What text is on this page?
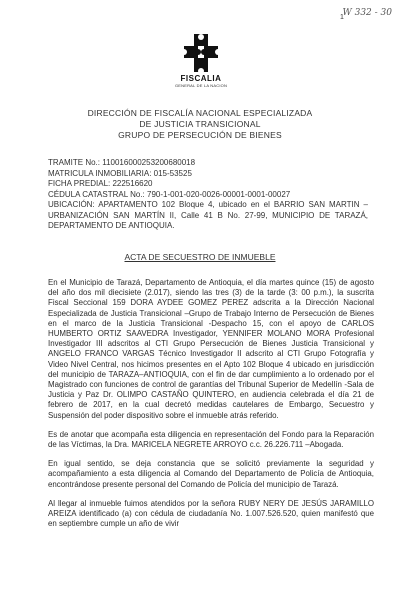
W 332 - 30
1
FISCALIA
GENERAL DE LA NACION
DIRECCIÓN DE FISCALÍA NACIONAL ESPECIALIZADA
DE JUSTICIA TRANSICIONAL
GRUPO DE PERSECUCIÓN DE BIENES
TRAMITE No.: 110016000253200680018
MATRICULA INMOBILIARIA: 015-53525
FICHA PREDIAL: 222516620
CÉDULA CATASTRAL No.: 790-1-001-020-0026-00001-0001-00027
UBICACIÓN: APARTAMENTO 102 Bloque 4, ubicado en el BARRIO SAN MARTIN –URBANIZACIÓN SAN MARTÍN II, Calle 41 B No. 27-99, MUNICIPIO DE TARAZÁ, DEPARTAMENTO DE ANTIOQUIA.
ACTA DE SECUESTRO DE INMUEBLE

En el Municipio de Tarazá, Departamento de Antioquia, el día martes quince (15) de agosto del año dos mil diecisiete (2.017), siendo las tres (3) de la tarde (3: 00 p.m.), la suscrita Fiscal Seccional 159 DORA AYDEE GOMEZ PEREZ adscrita a la Dirección Nacional Especializada de Justicia Transicional –Grupo de Trabajo Interno de Persecución de Bienes en el marco de la Justicia Transicional -Despacho 15, con el apoyo de CARLOS HUMBERTO ORTIZ SAAVEDRA Investigador, YENNIFER MOLANO MORA Profesional Investigador III adscritos al CTI Grupo Persecución de Bienes Justicia Transicional y ANGELO FRANCO VARGAS Técnico Investigador II adscrito al CTI Grupo Fotografía y Video Nivel Central, nos hicimos presentes en el Apto 102 Bloque 4 ubicado en jurisdicción del municipio de TARAZA–ANTIOQUIA, con el fin de dar cumplimiento a lo ordenado por el Magistrado con funciones de control de garantías del Tribunal Superior de Medellín -Sala de Justicia y Paz Dr. OLIMPO CASTAÑO QUINTERO, en audiencia celebrada el día 21 de febrero de 2017, en la cual decretó medidas cautelares de Embargo, Secuestro y Suspensión del poder dispositivo sobre el inmueble atrás referido.

Es de anotar que acompaña esta diligencia en representación del Fondo para la Reparación de las Víctimas, la Dra. MARICELA NEGRETE ARROYO c.c. 26.226.711 –Abogada.

En igual sentido, se deja constancia que se solicitó previamente la seguridad y acompañamiento a esta diligencia al Comando del Departamento de Policía de Antioquia, encontrándose presente personal del Comando de Policía del municipio de Tarazá.

Al llegar al inmueble fuimos atendidos por la señora RUBY NERY DE JESÚS JARAMILLO AREIZA identificado (a) con cédula de ciudadanía No. 1.007.526.520, quien manifestó que en septiembre cumple un año de vivir
